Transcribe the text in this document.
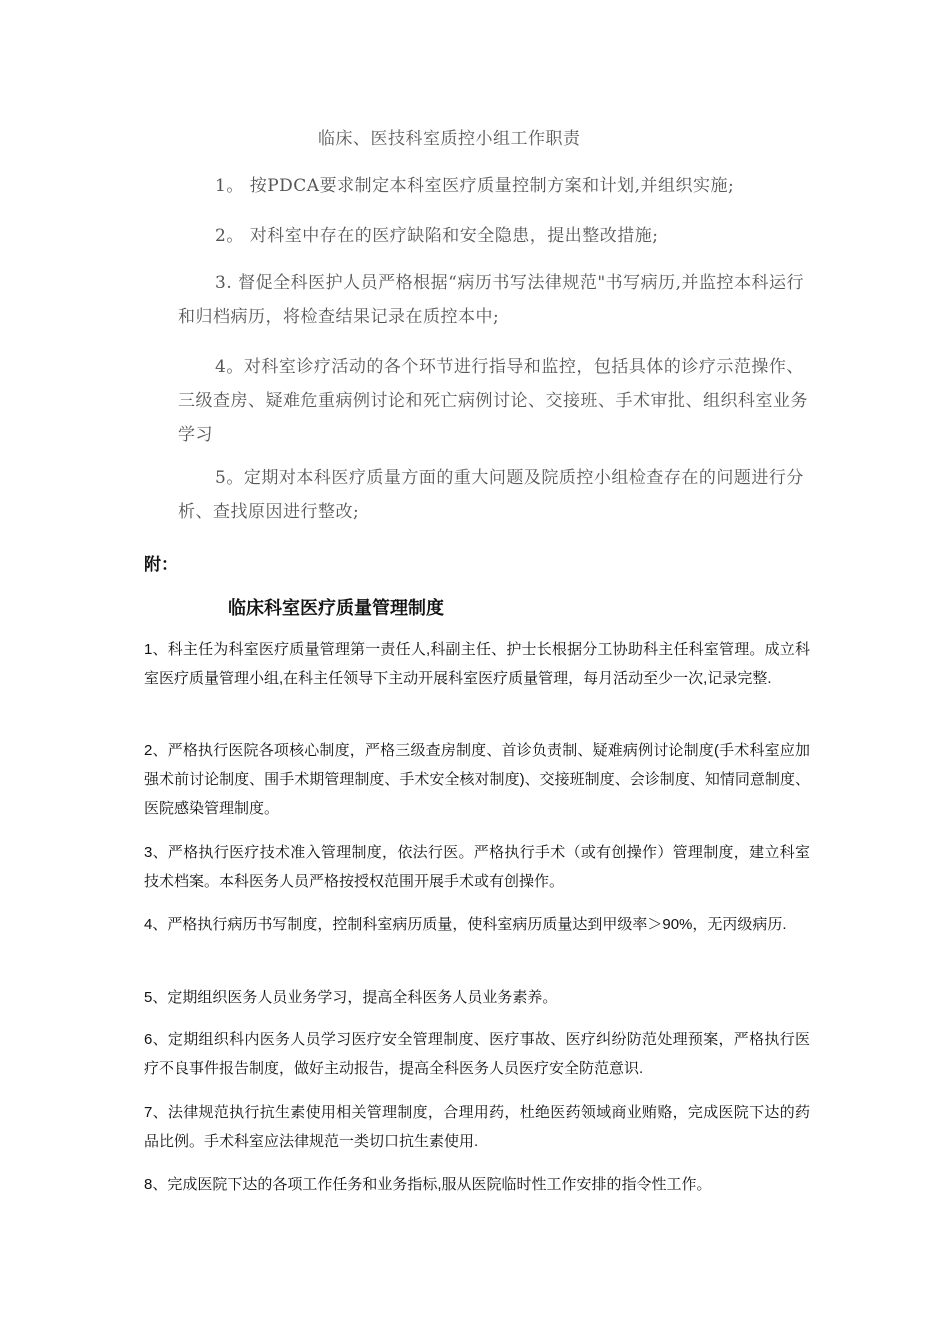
临床、医技科室质控小组工作职责

1。 按PDCA要求制定本科室医疗质量控制方案和计划,并组织实施;

2。 对科室中存在的医疗缺陷和安全隐患，提出整改措施;

3. 督促全科医护人员严格根据“病历书写法律规范"书写病历,并监控本科运行和归档病历，将检查结果记录在质控本中;

4。对科室诊疗活动的各个环节进行指导和监控，包括具体的诊疗示范操作、三级查房、疑难危重病例讨论和死亡病例讨论、交接班、手术审批、组织科室业务学习

5。定期对本科医疗质量方面的重大问题及院质控小组检查存在的问题进行分析、查找原因进行整改;

附：
临床科室医疗质量管理制度

1、科主任为科室医疗质量管理第一责任人,科副主任、护士长根据分工协助科主任科室管理。成立科室医疗质量管理小组,在科主任领导下主动开展科室医疗质量管理，每月活动至少一次,记录完整.

2、严格执行医院各项核心制度，严格三级查房制度、首诊负责制、疑难病例讨论制度(手术科室应加强术前讨论制度、围手术期管理制度、手术安全核对制度)、交接班制度、会诊制度、知情同意制度、医院感染管理制度。

3、严格执行医疗技术准入管理制度，依法行医。严格执行手术（或有创操作）管理制度，建立科室技术档案。本科医务人员严格按授权范围开展手术或有创操作。

4、严格执行病历书写制度，控制科室病历质量，使科室病历质量达到甲级率＞90%，无丙级病历.

5、定期组织医务人员业务学习，提高全科医务人员业务素养。

6、定期组织科内医务人员学习医疗安全管理制度、医疗事故、医疗纠纷防范处理预案，严格执行医疗不良事件报告制度，做好主动报告，提高全科医务人员医疗安全防范意识.

7、法律规范执行抗生素使用相关管理制度，合理用药，杜绝医药领域商业贿赂，完成医院下达的药品比例。手术科室应法律规范一类切口抗生素使用.

8、完成医院下达的各项工作任务和业务指标,服从医院临时性工作安排的指令性工作。
